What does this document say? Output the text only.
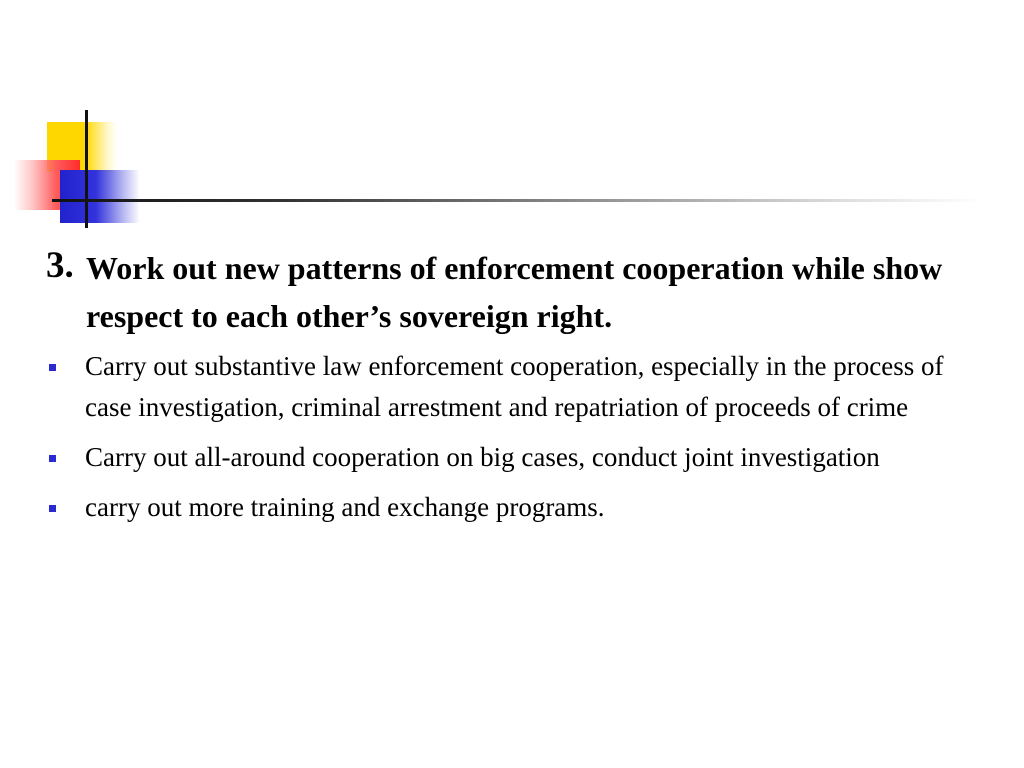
3. Work out new patterns of enforcement cooperation while show respect to each other’s sovereign right.
Carry out substantive law enforcement cooperation, especially in the process of case investigation, criminal arrestment and repatriation of proceeds of crime
Carry out all-around cooperation on big cases, conduct joint investigation
carry out more training and exchange programs.
